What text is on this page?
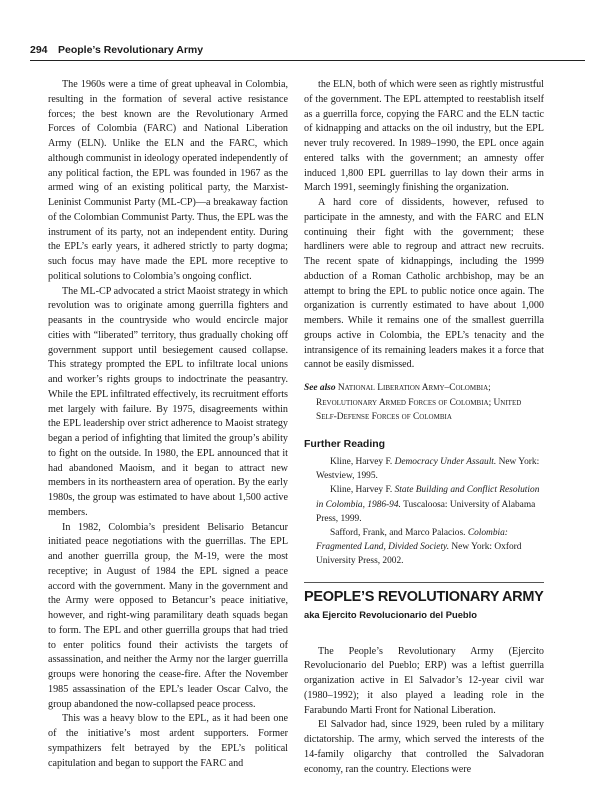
294 People’s Revolutionary Army

The 1960s were a time of great upheaval in Colombia, resulting in the formation of several active resistance forces; the best known are the Revolutionary Armed Forces of Colombia (FARC) and National Liberation Army (ELN). Unlike the ELN and the FARC, which although communist in ideology operated independently of any political faction, the EPL was founded in 1967 as the armed wing of an existing political party, the Marxist-Leninist Communist Party (ML-CP)—a breakaway faction of the Colombian Communist Party. Thus, the EPL was the instrument of its party, not an independent entity. During the EPL’s early years, it adhered strictly to party dogma; such focus may have made the EPL more receptive to political solutions to Colombia’s ongoing conflict.

The ML-CP advocated a strict Maoist strategy in which revolution was to originate among guerrilla fighters and peasants in the countryside who would encircle major cities with “liberated” territory, thus gradually choking off government support until besiegement caused collapse. This strategy prompted the EPL to infiltrate local unions and worker’s rights groups to indoctrinate the peasantry. While the EPL infiltrated effectively, its recruitment efforts met largely with failure. By 1975, disagreements within the EPL leadership over strict adherence to Maoist strategy began a period of infighting that limited the group’s ability to fight on the outside. In 1980, the EPL announced that it had abandoned Maoism, and it began to attract new members in its northeastern area of operation. By the early 1980s, the group was estimated to have about 1,500 active members.

In 1982, Colombia’s president Belisario Betancur initiated peace negotiations with the guerrillas. The EPL and another guerrilla group, the M-19, were the most receptive; in August of 1984 the EPL signed a peace accord with the government. Many in the government and the Army were opposed to Betancur’s peace initiative, however, and right-wing paramilitary death squads began to form. The EPL and other guerrilla groups that had tried to enter politics found their activists the targets of assassination, and neither the Army nor the larger guerrilla groups were honoring the cease-fire. After the November 1985 assassination of the EPL’s leader Oscar Calvo, the group abandoned the now-collapsed peace process.

This was a heavy blow to the EPL, as it had been one of the initiative’s most ardent supporters. Former sympathizers felt betrayed by the EPL’s political capitulation and began to support the FARC and

the ELN, both of which were seen as rightly mistrustful of the government. The EPL attempted to reestablish itself as a guerrilla force, copying the FARC and the ELN tactic of kidnapping and attacks on the oil industry, but the EPL never truly recovered. In 1989–1990, the EPL once again entered talks with the government; an amnesty offer induced 1,800 EPL guerrillas to lay down their arms in March 1991, seemingly finishing the organization.

A hard core of dissidents, however, refused to participate in the amnesty, and with the FARC and ELN continuing their fight with the government; these hardliners were able to regroup and attract new recruits. The recent spate of kidnappings, including the 1999 abduction of a Roman Catholic archbishop, may be an attempt to bring the EPL to public notice once again. The organization is currently estimated to have about 1,000 members. While it remains one of the smallest guerrilla groups active in Colombia, the EPL’s tenacity and the intransigence of its remaining leaders makes it a force that cannot be easily dismissed.

See also National Liberation Army–Colombia; Revolutionary Armed Forces of Colombia; United Self-Defense Forces of Colombia
Further Reading

Kline, Harvey F. Democracy Under Assault. New York: Westview, 1995.

Kline, Harvey F. State Building and Conflict Resolution in Colombia, 1986-94. Tuscaloosa: University of Alabama Press, 1999.

Safford, Frank, and Marco Palacios. Colombia: Fragmented Land, Divided Society. New York: Oxford University Press, 2002.

PEOPLE’S REVOLUTIONARY ARMY
aka Ejercito Revolucionario del Pueblo

The People’s Revolutionary Army (Ejercito Revolucionario del Pueblo; ERP) was a leftist guerrilla organization active in El Salvador’s 12-year civil war (1980–1992); it also played a leading role in the Farabundo Marti Front for National Liberation.

El Salvador had, since 1929, been ruled by a military dictatorship. The army, which served the interests of the 14-family oligarchy that controlled the Salvadoran economy, ran the country. Elections were
